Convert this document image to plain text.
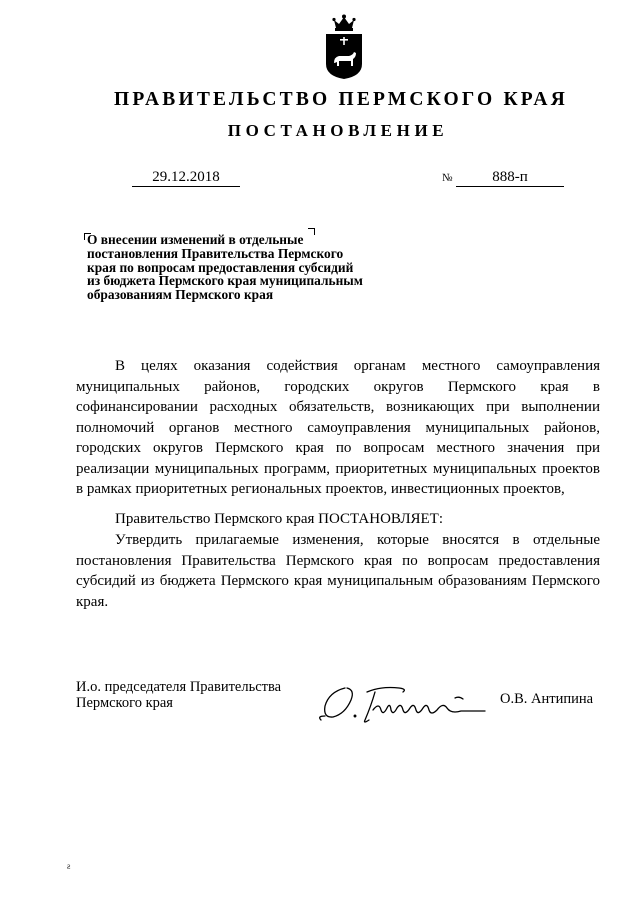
ПРАВИТЕЛЬСТВО ПЕРМСКОГО КРАЯ
ПОСТАНОВЛЕНИЕ
29.12.2018	№	888-п

О внесении изменений в отдельные постановления Правительства Пермского края по вопросам предоставления субсидий из бюджета Пермского края муниципальным образованиям Пермского края

В целях оказания содействия органам местного самоуправления муниципальных районов, городских округов Пермского края в софинансировании расходных обязательств, возникающих при выполнении полномочий органов местного самоуправления муниципальных районов, городских округов Пермского края по вопросам местного значения при реализации муниципальных программ, приоритетных муниципальных проектов в рамках приоритетных региональных проектов, инвестиционных проектов,

Правительство Пермского края ПОСТАНОВЛЯЕТ:

Утвердить прилагаемые изменения, которые вносятся в отдельные постановления Правительства Пермского края по вопросам предоставления субсидий из бюджета Пермского края муниципальным образованиям Пермского края.

И.о. председателя Правительства
Пермского края	О.В. Антипина
ƨ
